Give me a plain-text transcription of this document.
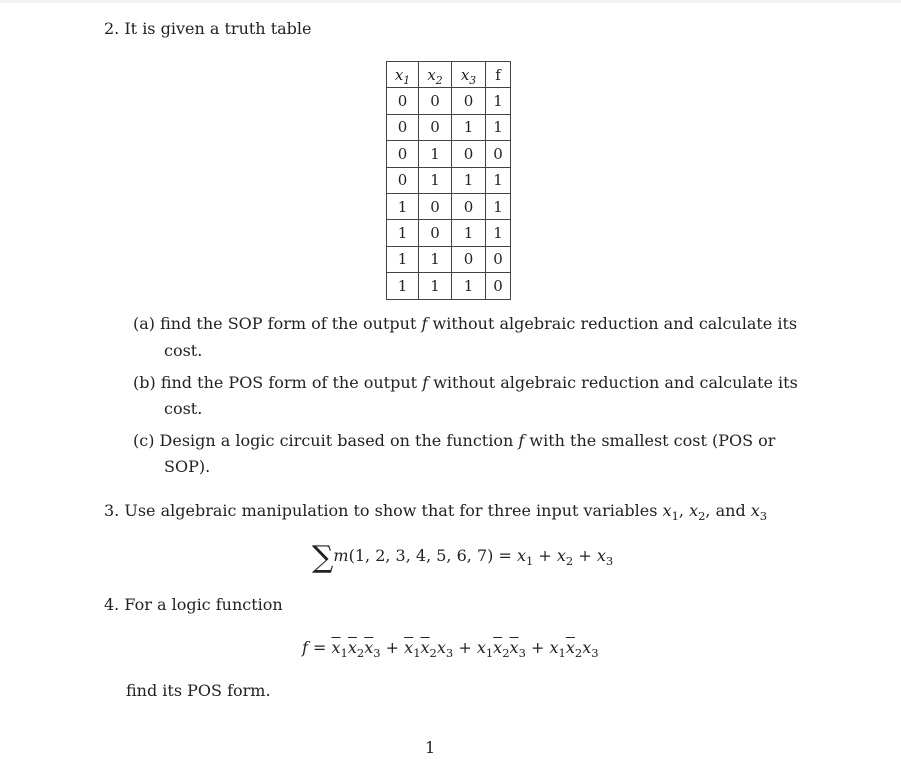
2. It is given a truth table
$x_1$	$x_2$	$x_3$	f
0	0	0	1
0	0	1	1
0	1	0	0
0	1	1	1
1	0	0	1
1	0	1	1
1	1	0	0
1	1	1	0
(a) find the SOP form of the output f without algebraic reduction and calculate its
cost.
(b) find the POS form of the output f without algebraic reduction and calculate its
cost.
(c) Design a logic circuit based on the function f with the smallest cost (POS or
SOP).
3. Use algebraic manipulation to show that for three input variables $x_1$, $x_2$, and $x_3$
∑m(1, 2, 3, 4, 5, 6, $7) = x_1 + x_2 + x_3$
4. For a logic function
$f = \overline{x}_1\overline{x}_2\overline{x}_3 + \overline{x}_1\overline{x}_2x_3 + x_1\overline{x}_2\overline{x}_3 + x_1\overline{x}_2x_3$
find its POS form.
1
